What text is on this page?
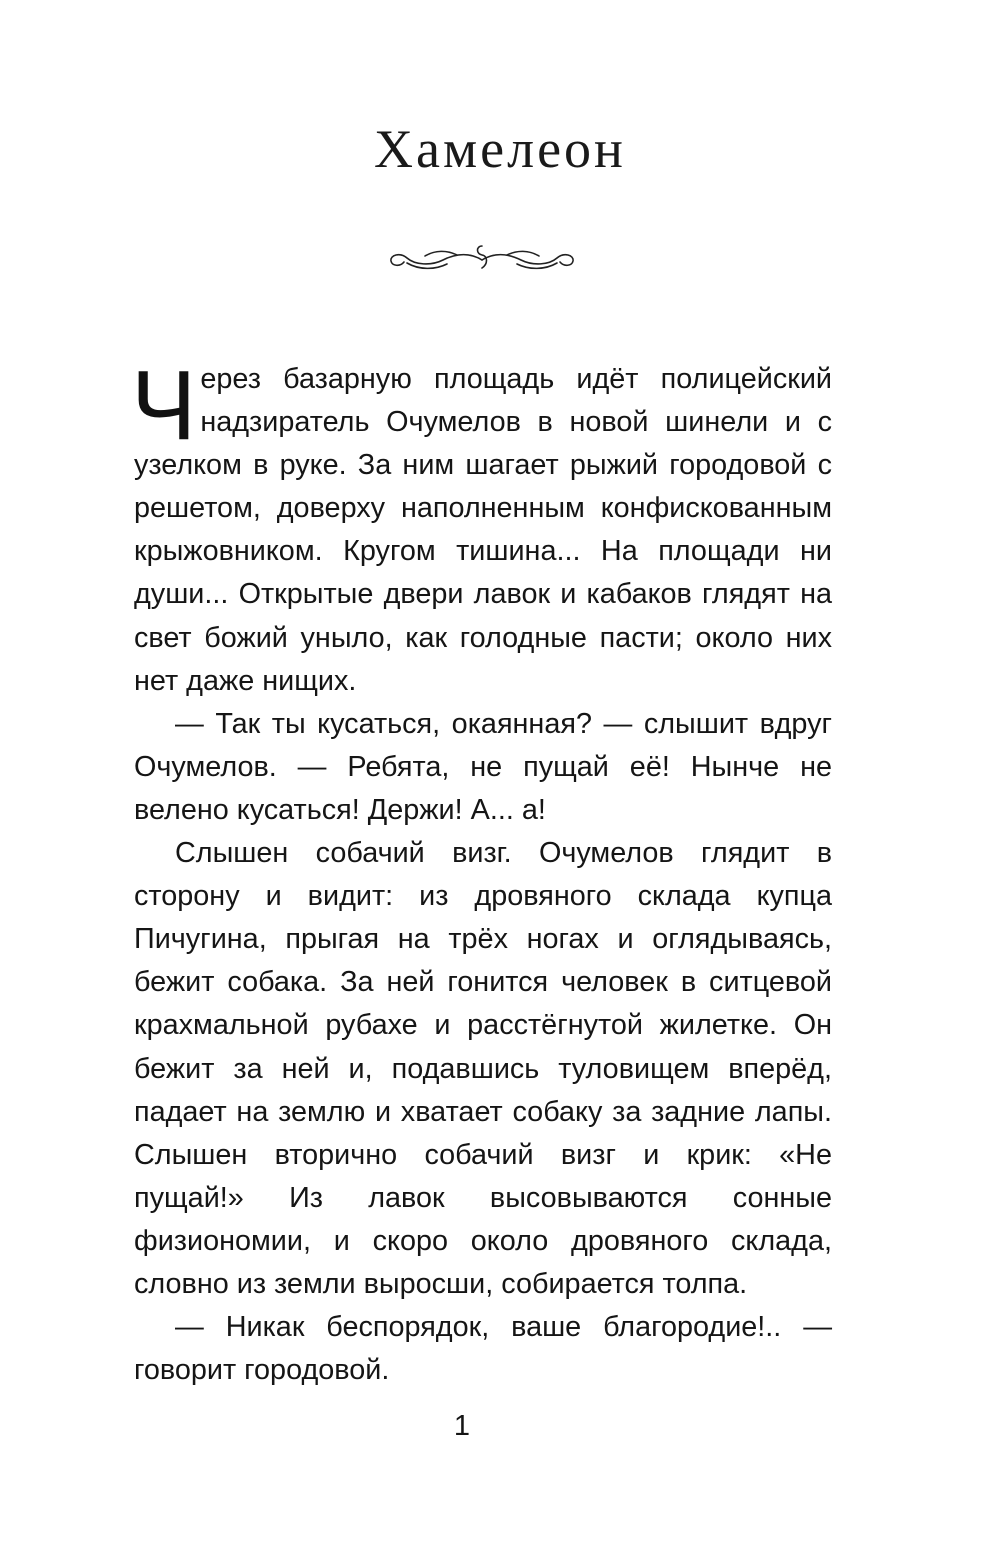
Хамелеон

Через базарную площадь идёт полицейский надзиратель Очумелов в новой шинели и с узелком в руке. За ним шагает рыжий городовой с решетом, доверху наполненным конфискованным крыжовником. Кругом тишина... На площади ни души... Открытые двери лавок и кабаков глядят на свет божий уныло, как голодные пасти; около них нет даже нищих.

— Так ты кусаться, окаянная? — слышит вдруг Очумелов. — Ребята, не пущай её! Нынче не велено кусаться! Держи! А... а!

Слышен собачий визг. Очумелов глядит в сторону и видит: из дровяного склада купца Пичугина, прыгая на трёх ногах и оглядываясь, бежит собака. За ней гонится человек в ситцевой крахмальной рубахе и расстёгнутой жилетке. Он бежит за ней и, подавшись туловищем вперёд, падает на землю и хватает собаку за задние лапы. Слышен вторично собачий визг и крик: «Не пущай!» Из лавок высовываются сонные физиономии, и скоро около дровяного склада, словно из земли выросши, собирается толпа.

— Никак беспорядок, ваше благородие!.. — говорит городовой.

1
